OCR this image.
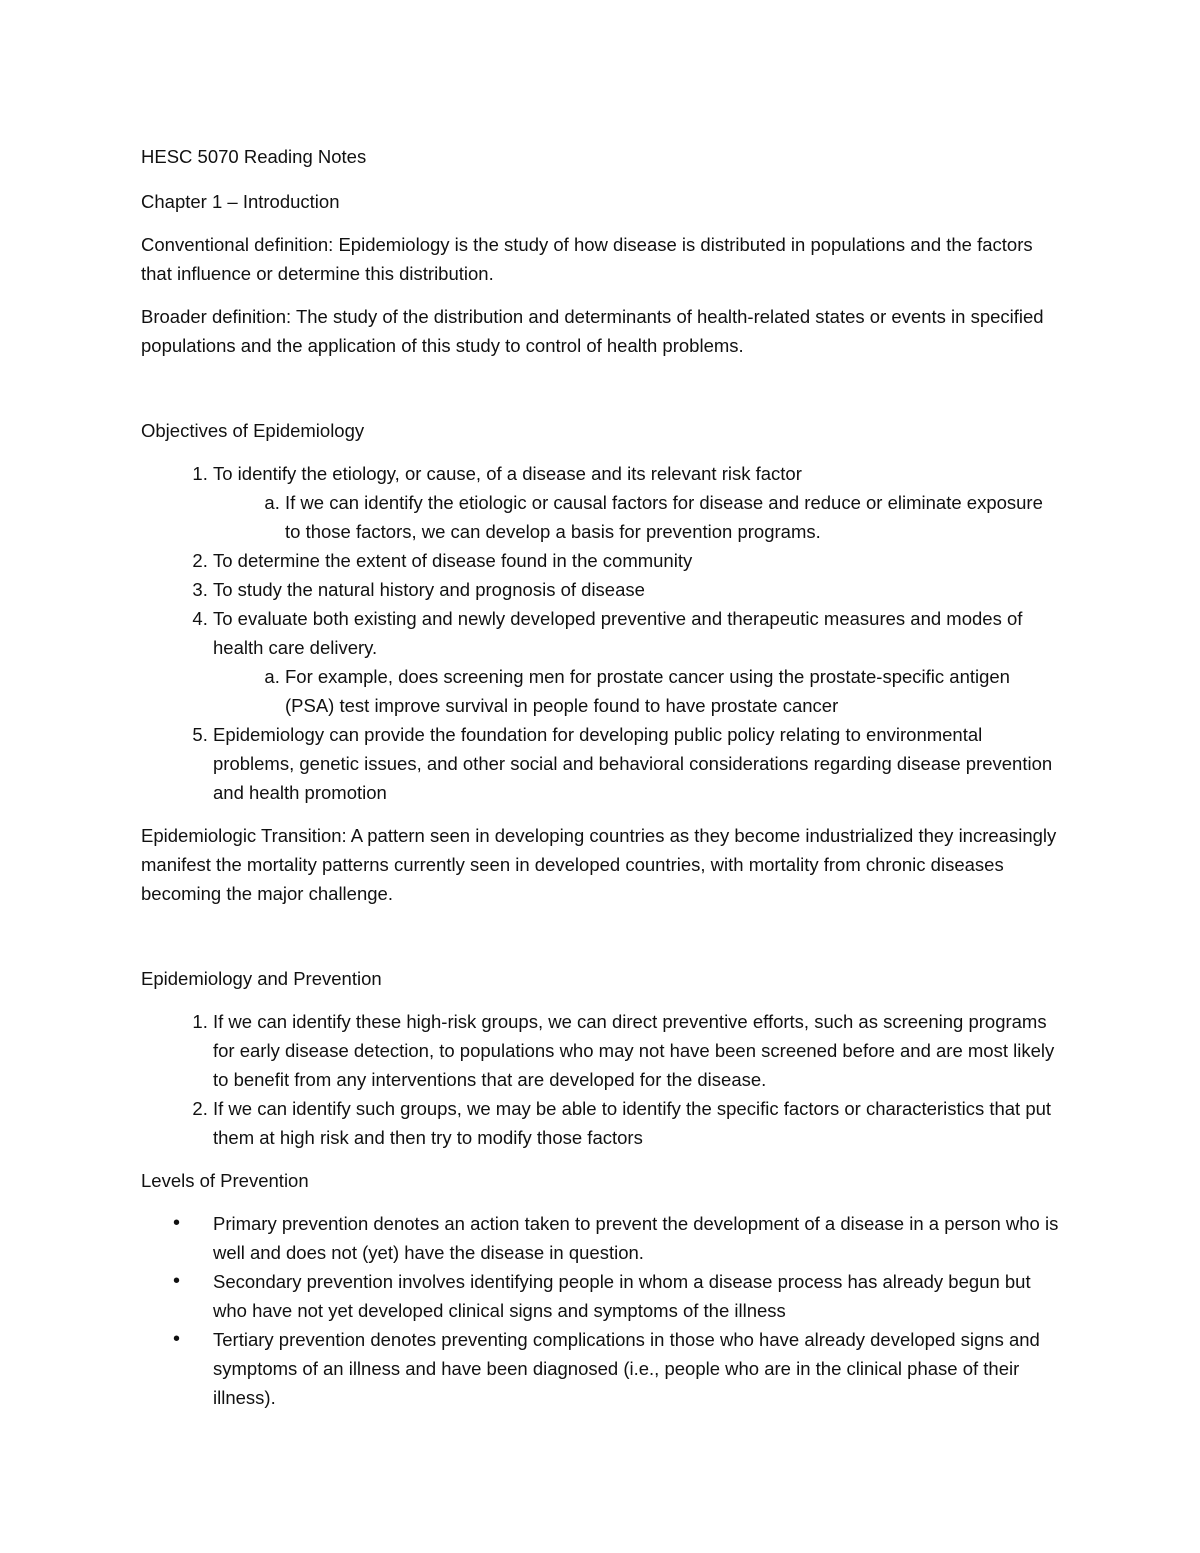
HESC 5070 Reading Notes

Chapter 1 – Introduction

Conventional definition: Epidemiology is the study of how disease is distributed in populations and the factors that influence or determine this distribution.

Broader definition: The study of the distribution and determinants of health-related states or events in specified populations and the application of this study to control of health problems.

Objectives of Epidemiology

1. To identify the etiology, or cause, of a disease and its relevant risk factor
a. If we can identify the etiologic or causal factors for disease and reduce or eliminate exposure to those factors, we can develop a basis for prevention programs.
2. To determine the extent of disease found in the community
3. To study the natural history and prognosis of disease
4. To evaluate both existing and newly developed preventive and therapeutic measures and modes of health care delivery.
a. For example, does screening men for prostate cancer using the prostate-specific antigen (PSA) test improve survival in people found to have prostate cancer
5. Epidemiology can provide the foundation for developing public policy relating to environmental problems, genetic issues, and other social and behavioral considerations regarding disease prevention and health promotion

Epidemiologic Transition: A pattern seen in developing countries as they become industrialized they increasingly manifest the mortality patterns currently seen in developed countries, with mortality from chronic diseases becoming the major challenge.

Epidemiology and Prevention

1. If we can identify these high-risk groups, we can direct preventive efforts, such as screening programs for early disease detection, to populations who may not have been screened before and are most likely to benefit from any interventions that are developed for the disease.
2. If we can identify such groups, we may be able to identify the specific factors or characteristics that put them at high risk and then try to modify those factors

Levels of Prevention

• Primary prevention denotes an action taken to prevent the development of a disease in a person who is well and does not (yet) have the disease in question.
• Secondary prevention involves identifying people in whom a disease process has already begun but who have not yet developed clinical signs and symptoms of the illness
• Tertiary prevention denotes preventing complications in those who have already developed signs and symptoms of an illness and have been diagnosed (i.e., people who are in the clinical phase of their illness).
